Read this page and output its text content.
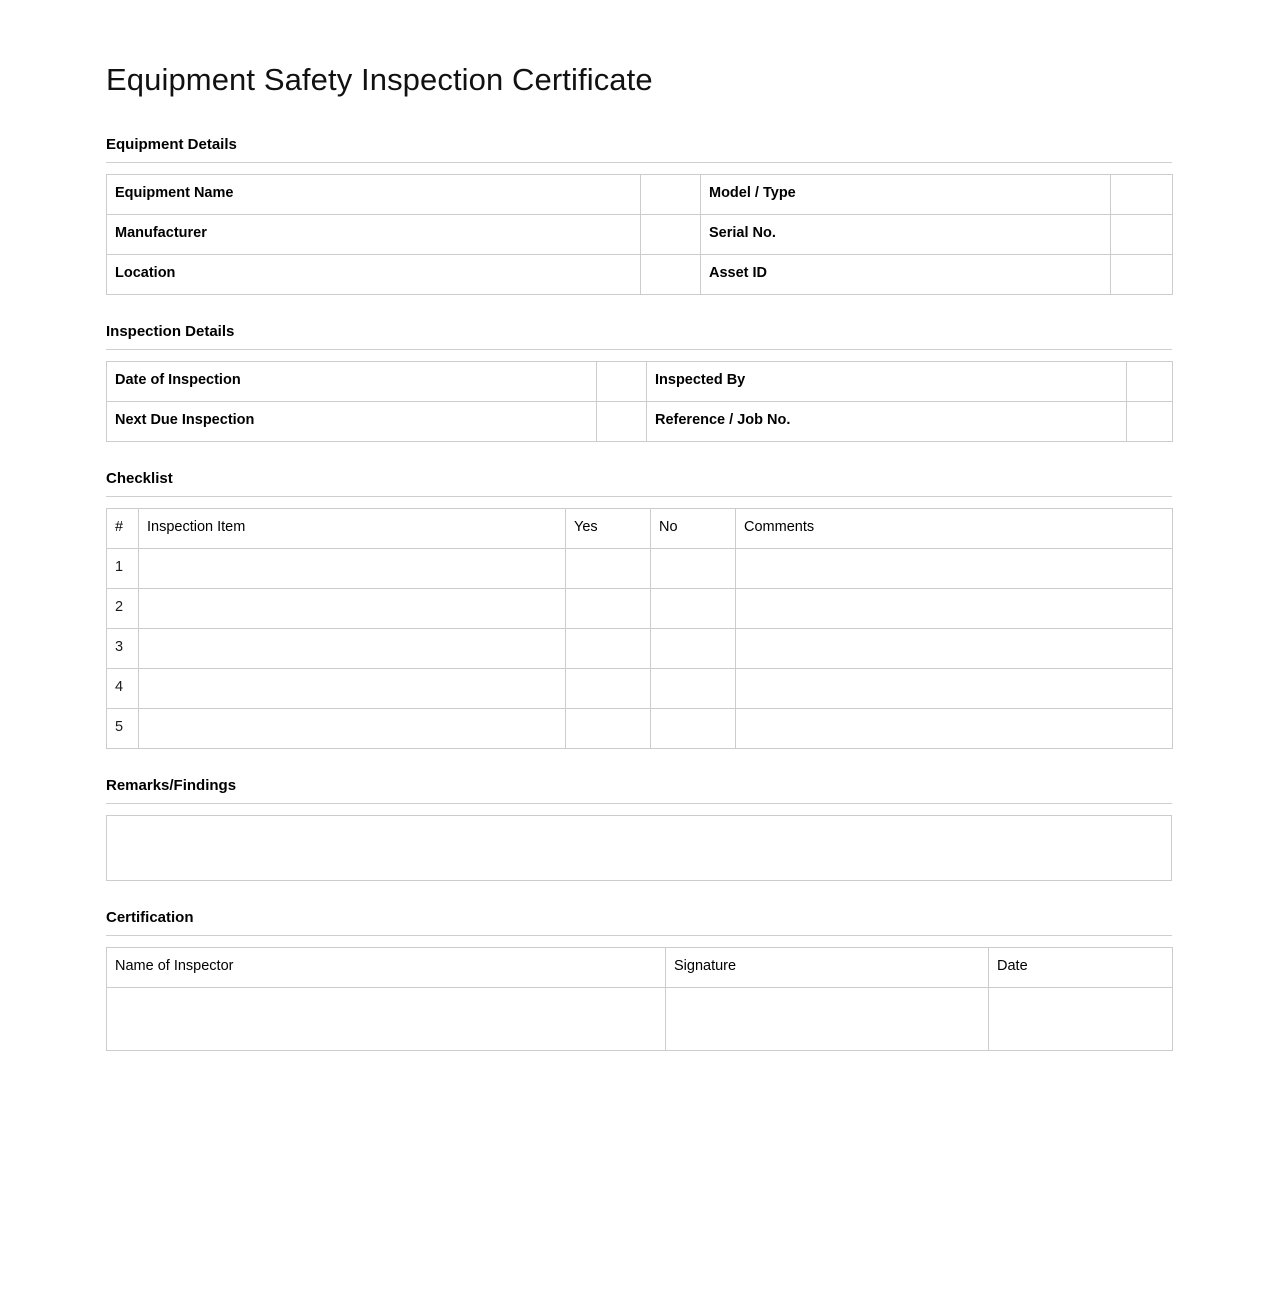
Equipment Safety Inspection Certificate
Equipment Details
Equipment Name		Model / Type	
Manufacturer		Serial No.	
Location		Asset ID	
Inspection Details
Date of Inspection		Inspected By	
Next Due Inspection		Reference / Job No.	
Checklist
#	Inspection Item	Yes	No	Comments
1				
2				
3				
4				
5				
Remarks/Findings
Certification
Name of Inspector	Signature	Date
